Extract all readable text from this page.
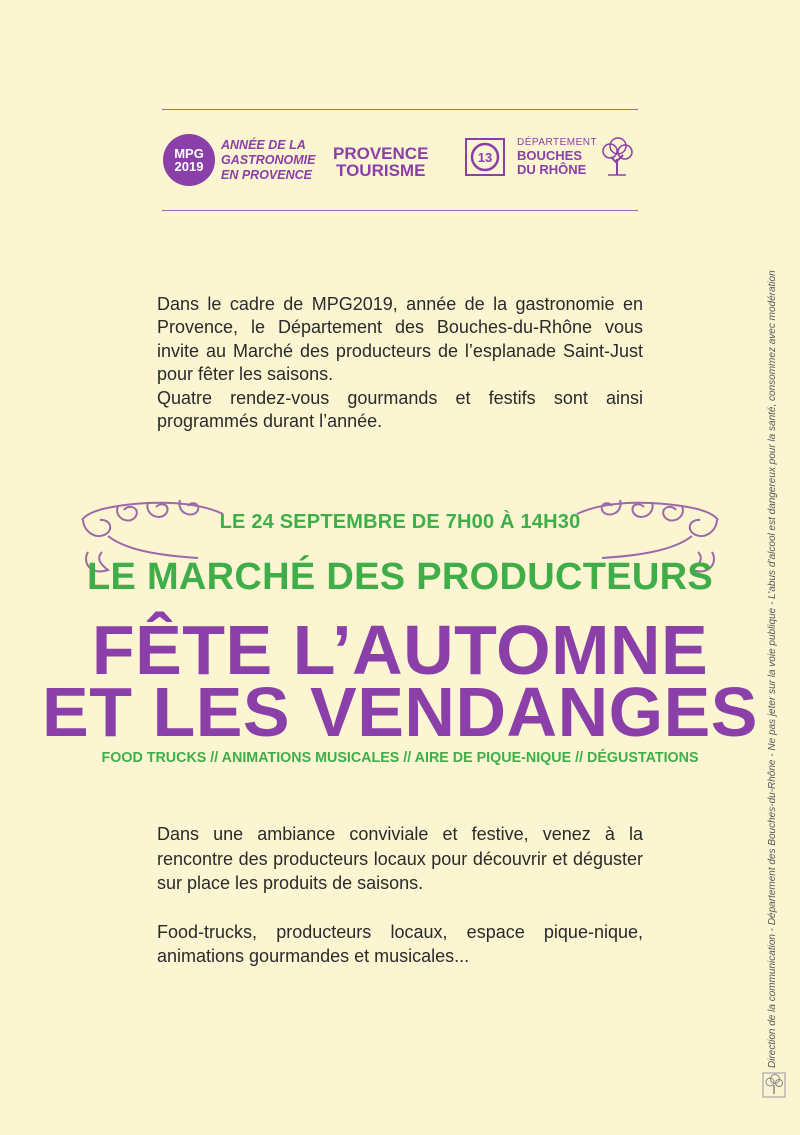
MPG
2019
ANNÉE DE LA
GASTRONOMIE
EN PROVENCE
PROVENCE
TOURISME
13
DÉPARTEMENT
BOUCHES
DU RHÔNE

Dans le cadre de MPG2019, année de la gastronomie en Provence, le Département des Bouches-du-Rhône vous invite au Marché des producteurs de l’esplanade Saint-Just pour fêter les saisons.

Quatre rendez-vous gourmands et festifs sont ainsi programmés durant l’année.

LE 24 SEPTEMBRE DE 7H00 À 14H30
LE MARCHÉ DES PRODUCTEURS
FÊTE L’AUTOMNE
ET LES VENDANGES
FOOD TRUCKS // ANIMATIONS MUSICALES // AIRE DE PIQUE-NIQUE // DÉGUSTATIONS

Dans une ambiance conviviale et festive, venez à la rencontre des producteurs locaux pour découvrir et déguster sur place les produits de saisons.

Food-trucks, producteurs locaux, espace pique-nique, animations gourmandes et musicales...	Direction de la communication - Département des Bouches-du-Rhône - Ne pas jeter sur la voie publique - L’abus d’alcool est dangereux pour la santé, consommez avec modération
